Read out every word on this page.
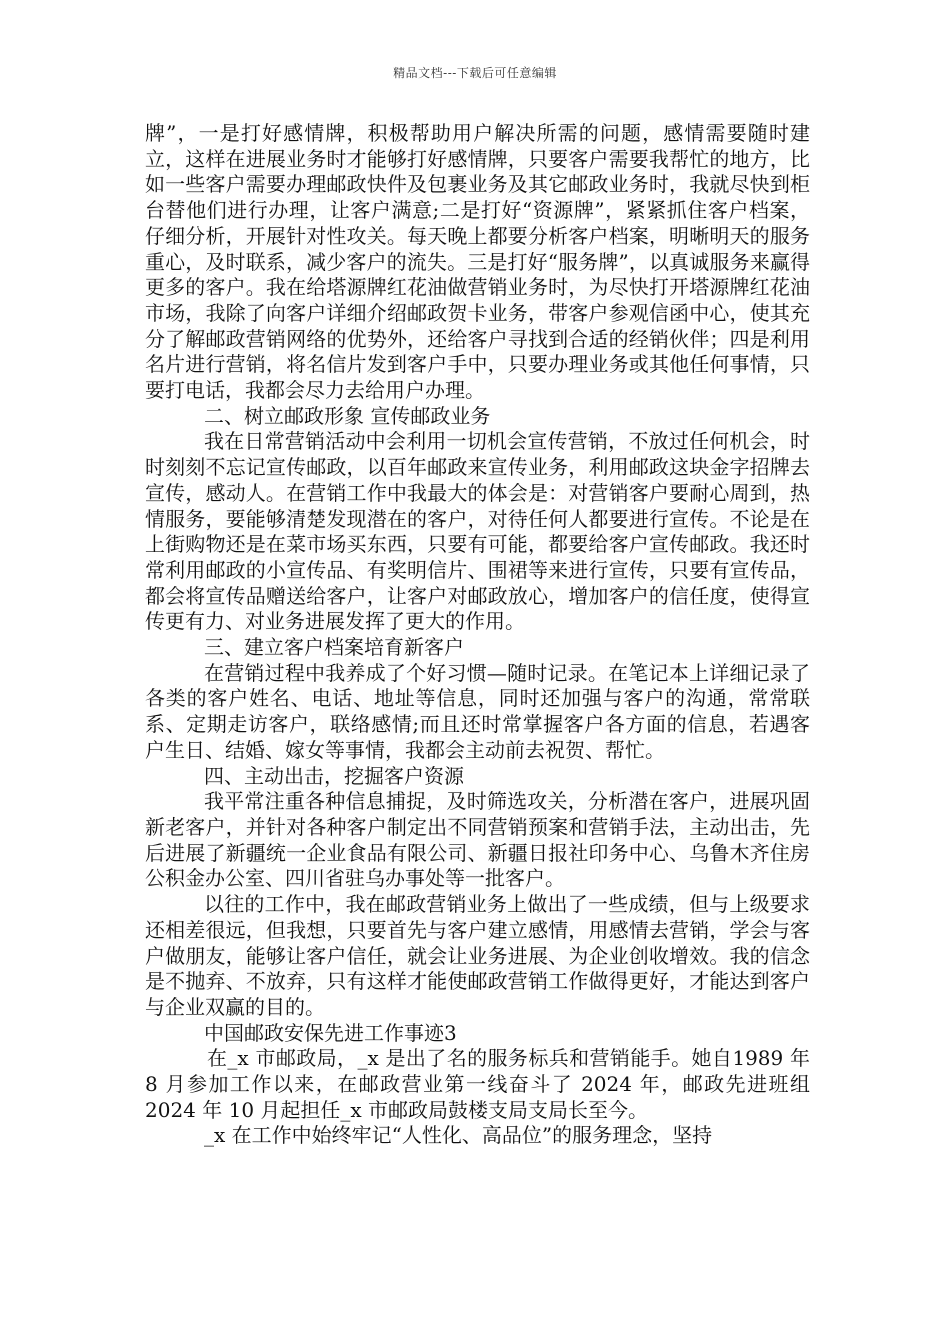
精品文档---下载后可任意编辑

牌”，一是打好感情牌，积极帮助用户解决所需的问题，感情需要随时建立，这样在进展业务时才能够打好感情牌，只要客户需要我帮忙的地方，比如一些客户需要办理邮政快件及包裹业务及其它邮政业务时，我就尽快到柜台替他们进行办理，让客户满意;二是打好“资源牌”，紧紧抓住客户档案，仔细分析，开展针对性攻关。每天晚上都要分析客户档案，明晰明天的服务重心，及时联系，减少客户的流失。三是打好“服务牌”，以真诚服务来赢得更多的客户。我在给塔源牌红花油做营销业务时，为尽快打开塔源牌红花油市场，我除了向客户详细介绍邮政贺卡业务，带客户参观信函中心，使其充分了解邮政营销网络的优势外，还给客户寻找到合适的经销伙伴；四是利用名片进行营销，将名信片发到客户手中，只要办理业务或其他任何事情，只要打电话，我都会尽力去给用户办理。

二、树立邮政形象 宣传邮政业务

我在日常营销活动中会利用一切机会宣传营销，不放过任何机会，时时刻刻不忘记宣传邮政，以百年邮政来宣传业务，利用邮政这块金字招牌去宣传，感动人。在营销工作中我最大的体会是：对营销客户要耐心周到，热情服务，要能够清楚发现潜在的客户，对待任何人都要进行宣传。不论是在上街购物还是在菜市场买东西，只要有可能，都要给客户宣传邮政。我还时常利用邮政的小宣传品、有奖明信片、围裙等来进行宣传，只要有宣传品，都会将宣传品赠送给客户，让客户对邮政放心，增加客户的信任度，使得宣传更有力、对业务进展发挥了更大的作用。

三、建立客户档案培育新客户

在营销过程中我养成了个好习惯—随时记录。在笔记本上详细记录了各类的客户姓名、电话、地址等信息，同时还加强与客户的沟通，常常联系、定期走访客户，联络感情;而且还时常掌握客户各方面的信息，若遇客户生日、结婚、嫁女等事情，我都会主动前去祝贺、帮忙。

四、主动出击，挖掘客户资源

我平常注重各种信息捕捉，及时筛选攻关，分析潜在客户，进展巩固新老客户，并针对各种客户制定出不同营销预案和营销手法，主动出击，先后进展了新疆统一企业食品有限公司、新疆日报社印务中心、乌鲁木齐住房公积金办公室、四川省驻乌办事处等一批客户。

以往的工作中，我在邮政营销业务上做出了一些成绩，但与上级要求还相差很远，但我想，只要首先与客户建立感情，用感情去营销，学会与客户做朋友，能够让客户信任，就会让业务进展、为企业创收增效。我的信念是不抛弃、不放弃，只有这样才能使邮政营销工作做得更好，才能达到客户与企业双赢的目的。

中国邮政安保先进工作事迹3

在_x 市邮政局，_x 是出了名的服务标兵和营销能手。她自1989 年 8 月参加工作以来，在邮政营业第一线奋斗了 2024 年，邮政先进班组 2024 年 10 月起担任_x 市邮政局鼓楼支局支局长至今。

_x 在工作中始终牢记“人性化、高品位”的服务理念，坚持
